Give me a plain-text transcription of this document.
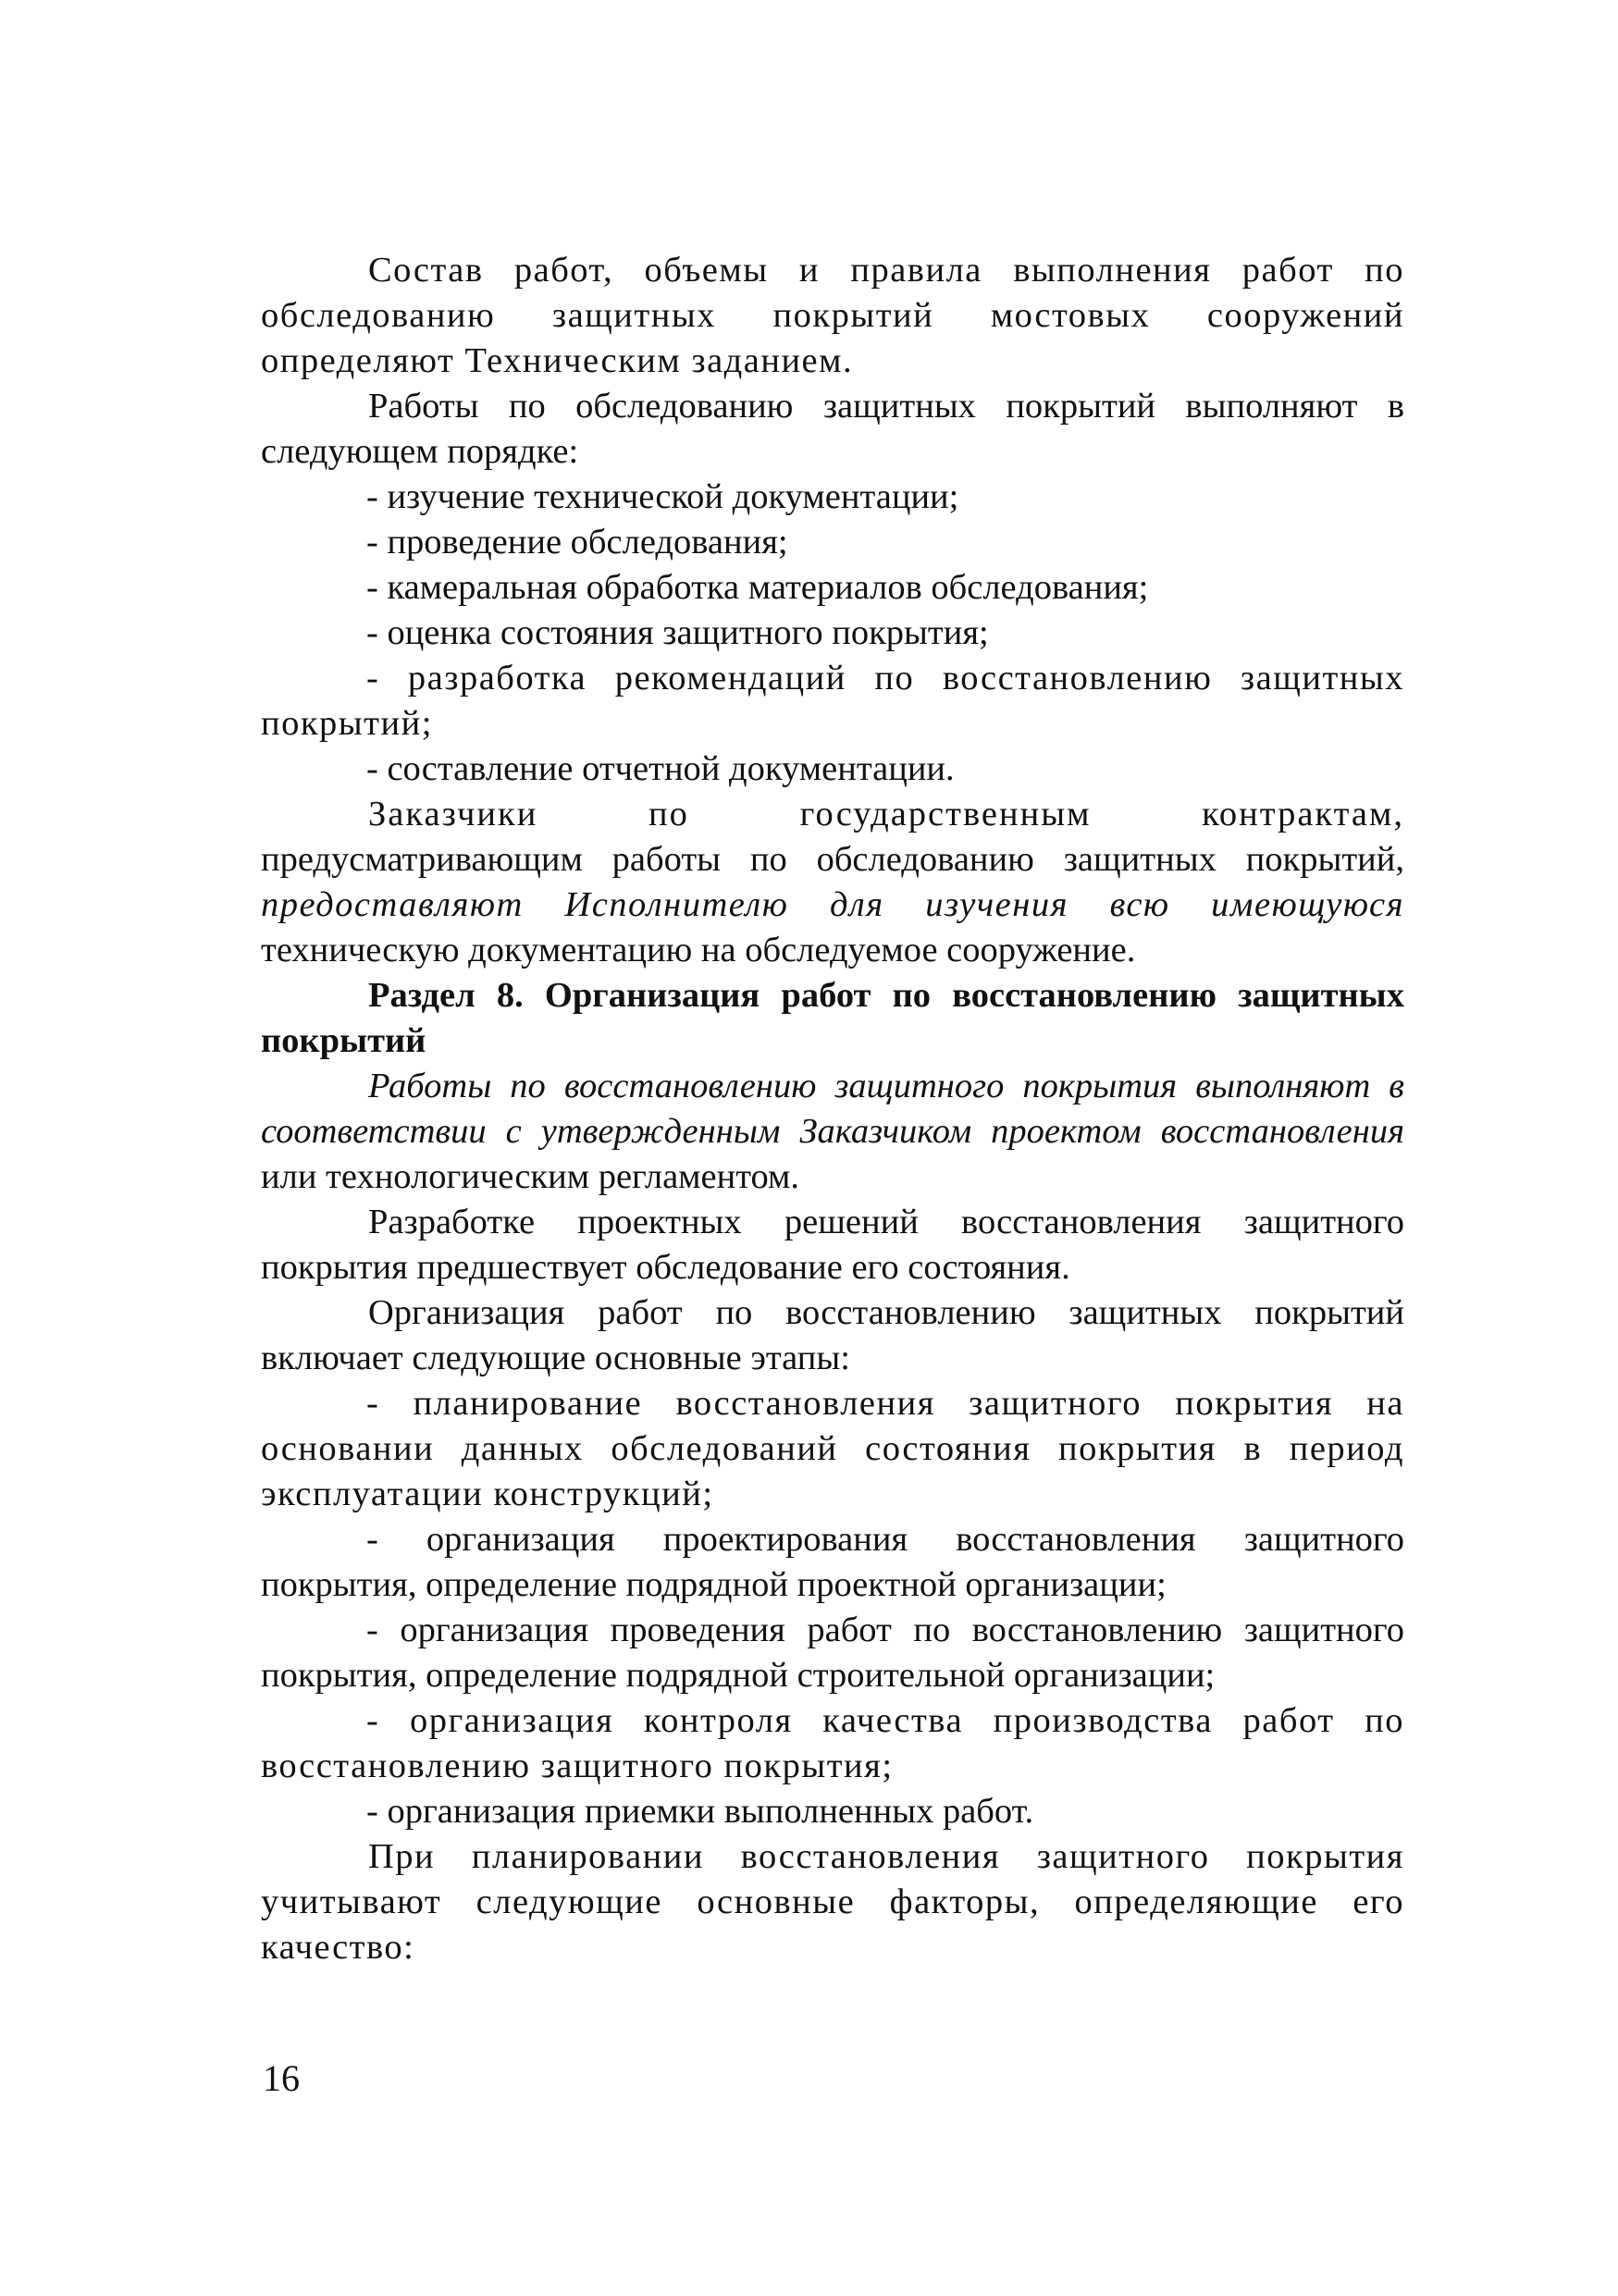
Состав работ, объемы и правила выполнения работ по обследованию защитных покрытий мостовых сооружений определяют Техническим заданием.

Работы по обследованию защитных покрытий выполняют в следующем порядке:

- изучение технической документации;

- проведение обследования;

- камеральная обработка материалов обследования;

- оценка состояния защитного покрытия;

- разработка рекомендаций по восстановлению защитных покрытий;

- составление отчетной документации.

Заказчики по государственным контрактам,

предусматривающим работы по обследованию защитных покрытий, предоставляют Исполнителю для изучения всю имеющуюся техническую документацию на обследуемое сооружение.

Раздел 8. Организация работ по восстановлению защитных покрытий

Работы по восстановлению защитного покрытия выполняют в соответствии с утвержденным Заказчиком проектом восстановления или технологическим регламентом.

Разработке проектных решений восстановления защитного покрытия предшествует обследование его состояния.

Организация работ по восстановлению защитных покрытий включает следующие основные этапы:

- планирование восстановления защитного покрытия на основании данных обследований состояния покрытия в период эксплуатации конструкций;

- организация проектирования восстановления защитного покрытия, определение подрядной проектной организации;

- организация проведения работ по восстановлению защитного покрытия, определение подрядной строительной организации;

- организация контроля качества производства работ по восстановлению защитного покрытия;

- организация приемки выполненных работ.

При планировании восстановления защитного покрытия учитывают следующие основные факторы, определяющие его качество:

16
